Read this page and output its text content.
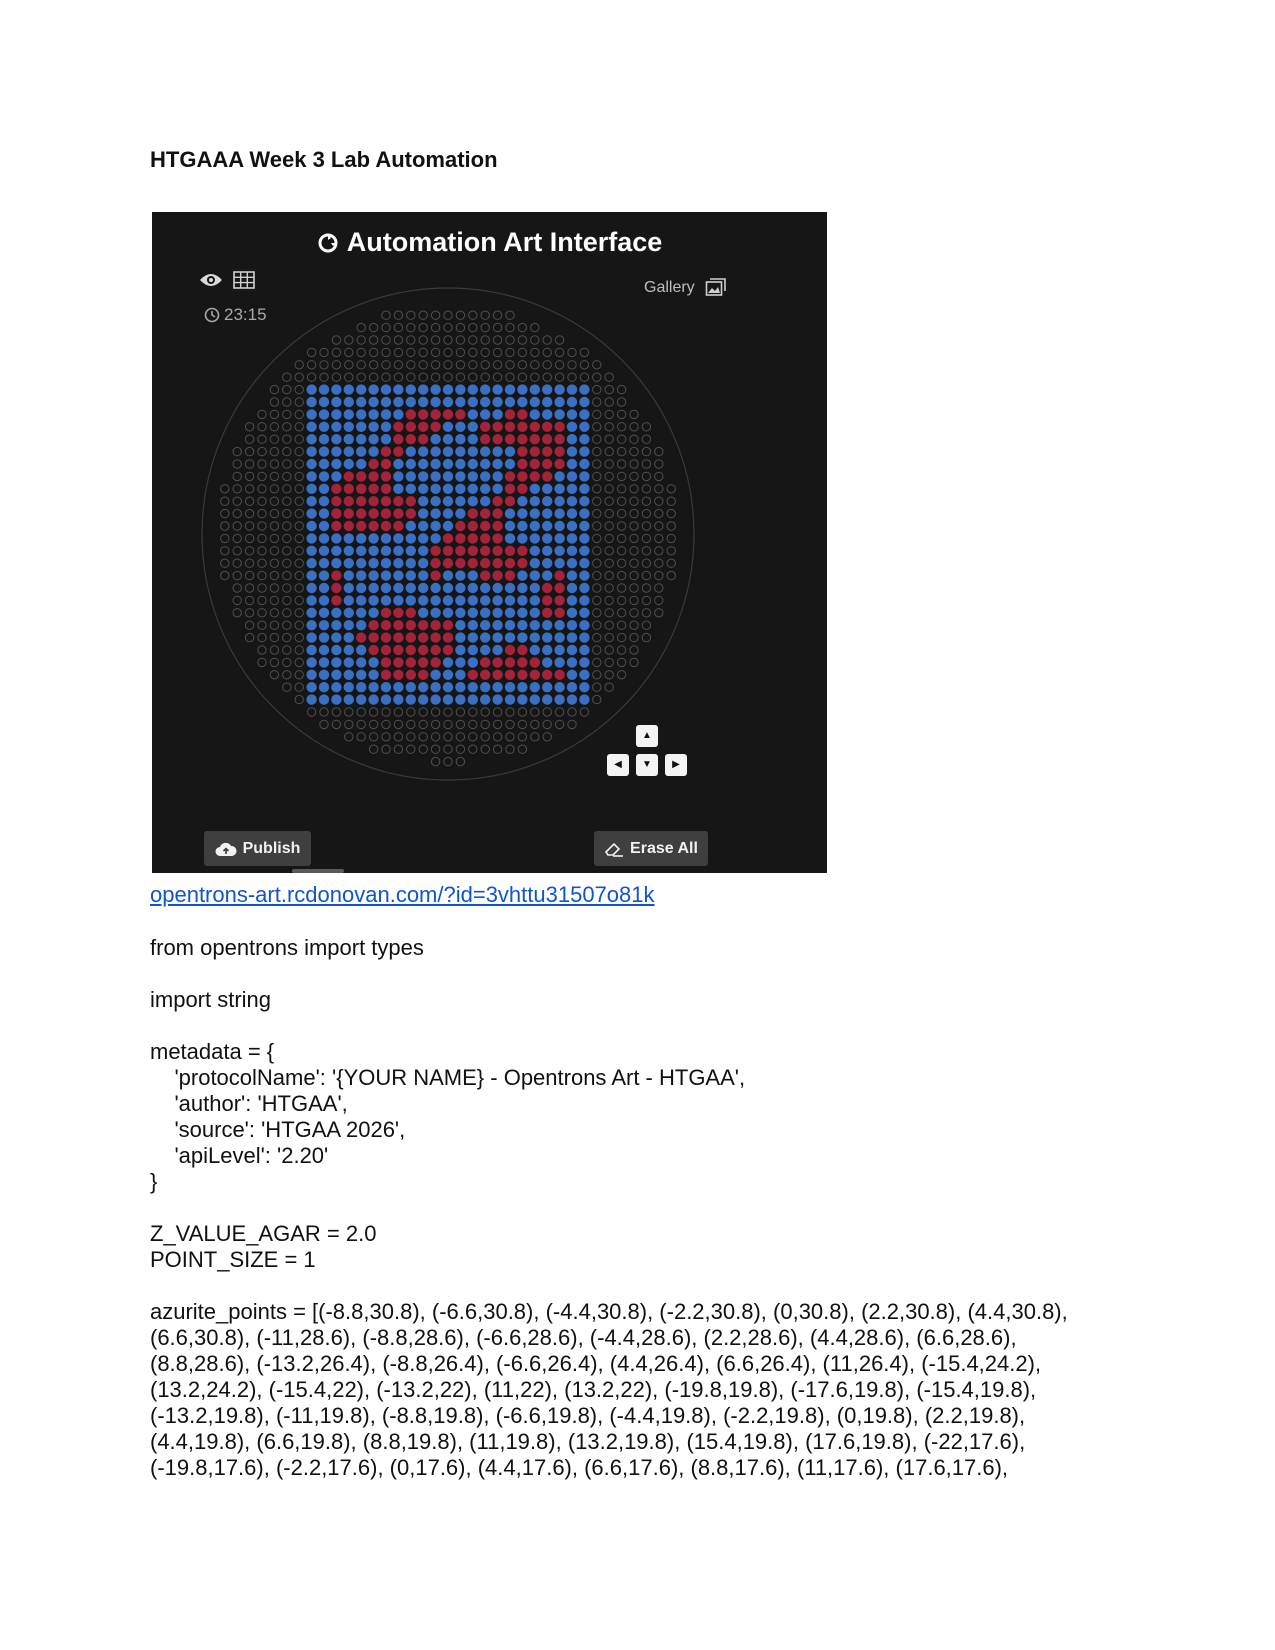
HTGAAA Week 3 Lab Automation
Automation Art Interface
23:15
Gallery
▲
◀ ▼ ▶
Publish	Erase All
opentrons-art.rcdonovan.com/?id=3vhttu31507o81k
from opentrons import types
import string
metadata = {
'protocolName': '{YOUR NAME} - Opentrons Art - HTGAA',
'author': 'HTGAA',
'source': 'HTGAA 2026',
'apiLevel': '2.20'
}
Z_VALUE_AGAR = 2.0
POINT_SIZE = 1
azurite_points = [(-8.8,30.8), (-6.6,30.8), (-4.4,30.8), (-2.2,30.8), (0,30.8), (2.2,30.8), (4.4,30.8),
(6.6,30.8), (-11,28.6), (-8.8,28.6), (-6.6,28.6), (-4.4,28.6), (2.2,28.6), (4.4,28.6), (6.6,28.6),
(8.8,28.6), (-13.2,26.4), (-8.8,26.4), (-6.6,26.4), (4.4,26.4), (6.6,26.4), (11,26.4), (-15.4,24.2),
(13.2,24.2), (-15.4,22), (-13.2,22), (11,22), (13.2,22), (-19.8,19.8), (-17.6,19.8), (-15.4,19.8),
(-13.2,19.8), (-11,19.8), (-8.8,19.8), (-6.6,19.8), (-4.4,19.8), (-2.2,19.8), (0,19.8), (2.2,19.8),
(4.4,19.8), (6.6,19.8), (8.8,19.8), (11,19.8), (13.2,19.8), (15.4,19.8), (17.6,19.8), (-22,17.6),
(-19.8,17.6), (-2.2,17.6), (0,17.6), (4.4,17.6), (6.6,17.6), (8.8,17.6), (11,17.6), (17.6,17.6),
